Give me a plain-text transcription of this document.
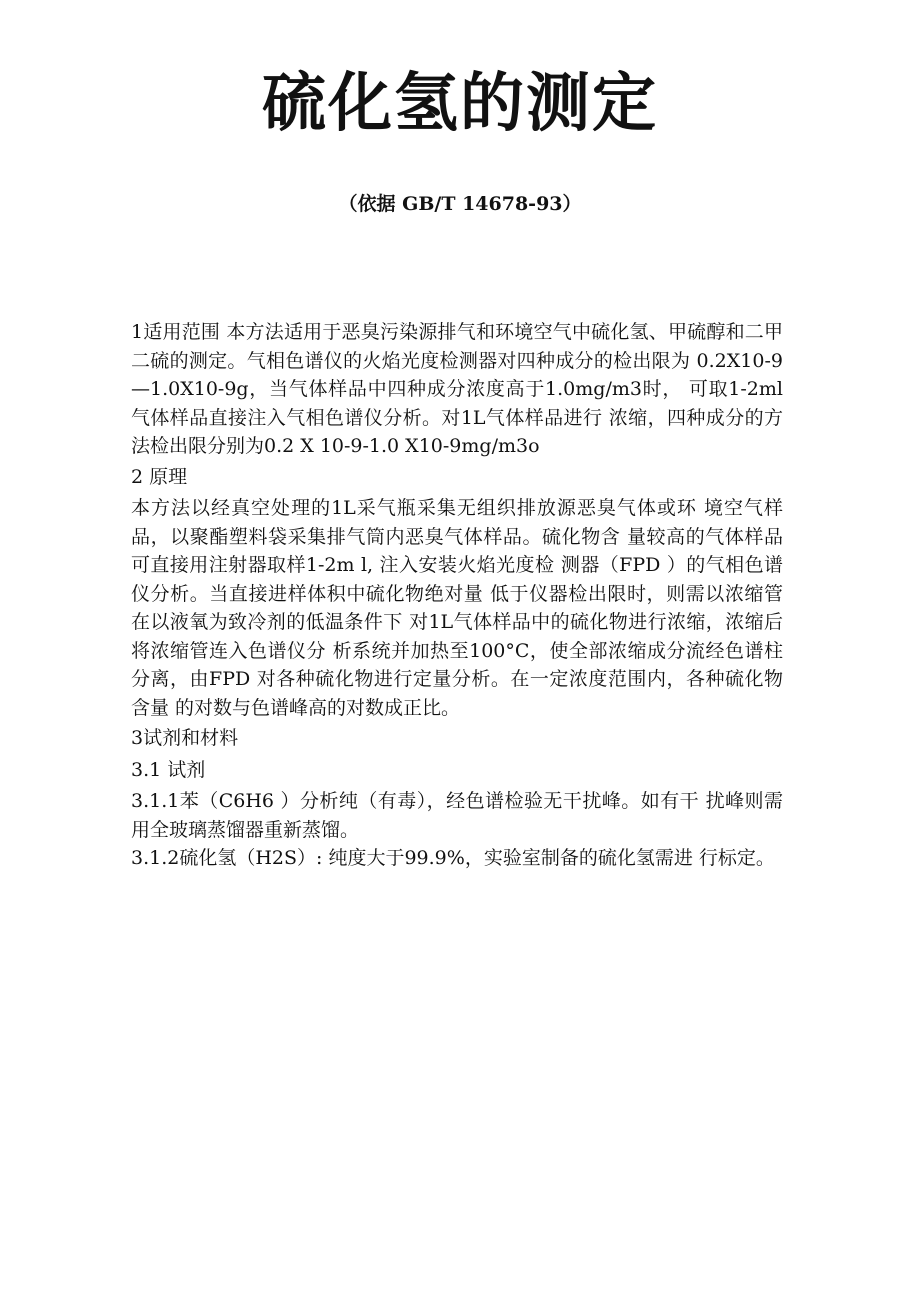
硫化氢的测定
（依据 GB/T 14678-93）

1适用范围 本方法适用于恶臭污染源排气和环境空气中硫化氢、甲硫醇和二甲 二硫的测定。气相色谱仪的火焰光度检测器对四种成分的检出限为 0.2X10-9—1.0X10-9g，当气体样品中四种成分浓度高于1.0mg/m3时， 可取1-2ml气体样品直接注入气相色谱仪分析。对1L气体样品进行 浓缩，四种成分的方法检出限分别为0.2 X 10-9-1.0 X10-9mg/m3o

2 原理

本方法以经真空处理的1L采气瓶采集无组织排放源恶臭气体或环 境空气样品，以聚酯塑料袋采集排气筒内恶臭气体样品。硫化物含 量较高的气体样品可直接用注射器取样1-2m l, 注入安装火焰光度检 测器（FPD ）的气相色谱仪分析。当直接进样体积中硫化物绝对量 低于仪器检出限时，则需以浓缩管在以液氧为致冷剂的低温条件下 对1L气体样品中的硫化物进行浓缩，浓缩后将浓缩管连入色谱仪分 析系统并加热至100°C，使全部浓缩成分流经色谱柱分离，由FPD 对各种硫化物进行定量分析。在一定浓度范围内，各种硫化物含量 的对数与色谱峰高的对数成正比。

3试剂和材料

3.1 试剂

3.1.1苯（C6H6 ）分析纯（有毒），经色谱检验无干扰峰。如有干 扰峰则需用全玻璃蒸馏器重新蒸馏。

3.1.2硫化氢（H2S）: 纯度大于99.9%，实验室制备的硫化氢需进 行标定。
